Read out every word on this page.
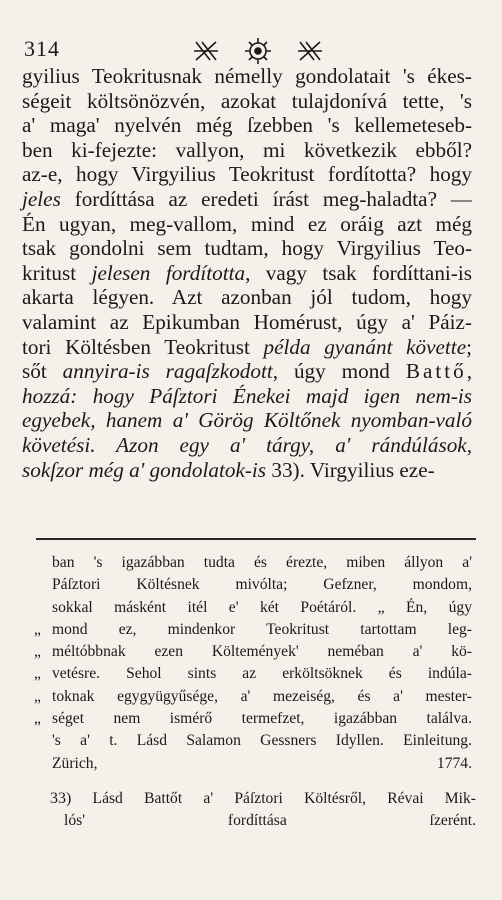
314
gyilius Teokritusnak némelly gondolatait 's ékes-
ségeit költsönözvén, azokat tulajdonívá tette, 's
a' maga' nyelvén még ſzebben 's kellemeteseb-
ben ki-fejezte: vallyon, mi következik ebből?
az-e, hogy Virgyilius Teokritust fordította? hogy
jeles fordíttása az eredeti írást meg-haladta? —
Én ugyan, meg-vallom, mind ez oráig azt még
tsak gondolni sem tudtam, hogy Virgyilius Teo-
kritust jelesen fordította, vagy tsak fordíttani-is
akarta légyen. Azt azonban jól tudom, hogy
valamint az Epikumban Homérust, úgy a' Páiz-
tori Költésben Teokritust példa gyanánt követte;
sőt annyira-is ragaſzkodott, úgy mond Battő,
hozzá: hogy Páſztori Énekei majd igen nem-is
egyebek, hanem a' Görög Költőnek nyomban-való
követési. Azon egy a' tárgy, a' rándúlások,
sokſzor még a' gondolatok-is 33). Virgyilius eze-
ban 's igazábban tudta és érezte, miben állyon a'
Páſztori Költésnek mivólta; Gefzner, mondom,
sokkal másként itél e' két Poétáról. „ Én, úgy
„ mond ez, mindenkor Teokritust tartottam leg-
„ méltóbbnak ezen Költemények' neméban a' kö-
„ vetésre. Sehol sints az erköltsöknek és indúla-
„ toknak egygyügyűsége, a' mezeiség, és a' mester-
„ séget nem ismérő termefzet, igazábban találva.
's a' t. Lásd Salamon Gessners Idyllen. Einleitung.
Zürich, 1774.
33) Lásd Battőt a' Páſztori Költésről, Révai Mik-
lós' fordíttása ſzerént.
